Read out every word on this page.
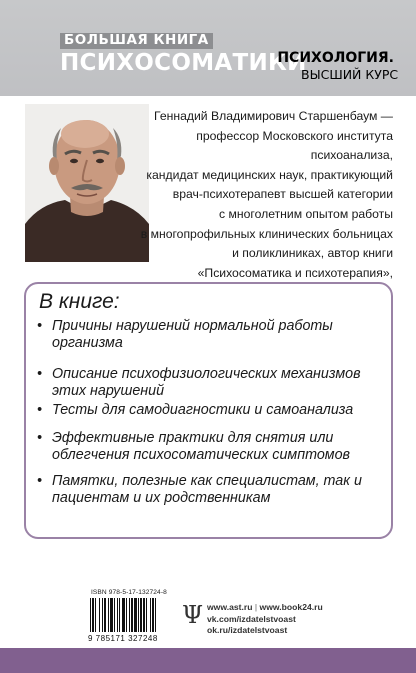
БОЛЬШАЯ КНИГА
ПСИХОСОМАТИКИ
ПСИХОЛОГИЯ.
ВЫСШИЙ КУРС
Геннадий Владимирович Старшенбаум —
профессор Московского института психоанализа,
кандидат медицинских наук, практикующий
врач-психотерапевт высшей категории
с многолетним опытом работы
в многопрофильных клинических больницах
и поликлиниках, автор книги
«Психосоматика и психотерапия»,
В книге:
• Причины нарушений нормальной работы организма
• Описание психофизиологических механизмов этих нарушений
• Тесты для самодиагностики и самоанализа
• Эффективные практики для снятия или облегчения психосоматических симптомов
• Памятки, полезные как специалистам, так и пациентам и их родственникам
ISBN 978-5-17-132724-8
9 785171 327248
Ψ www.ast.ru | www.book24.ru
vk.com/izdatelstvoast
ok.ru/izdatelstvoast
